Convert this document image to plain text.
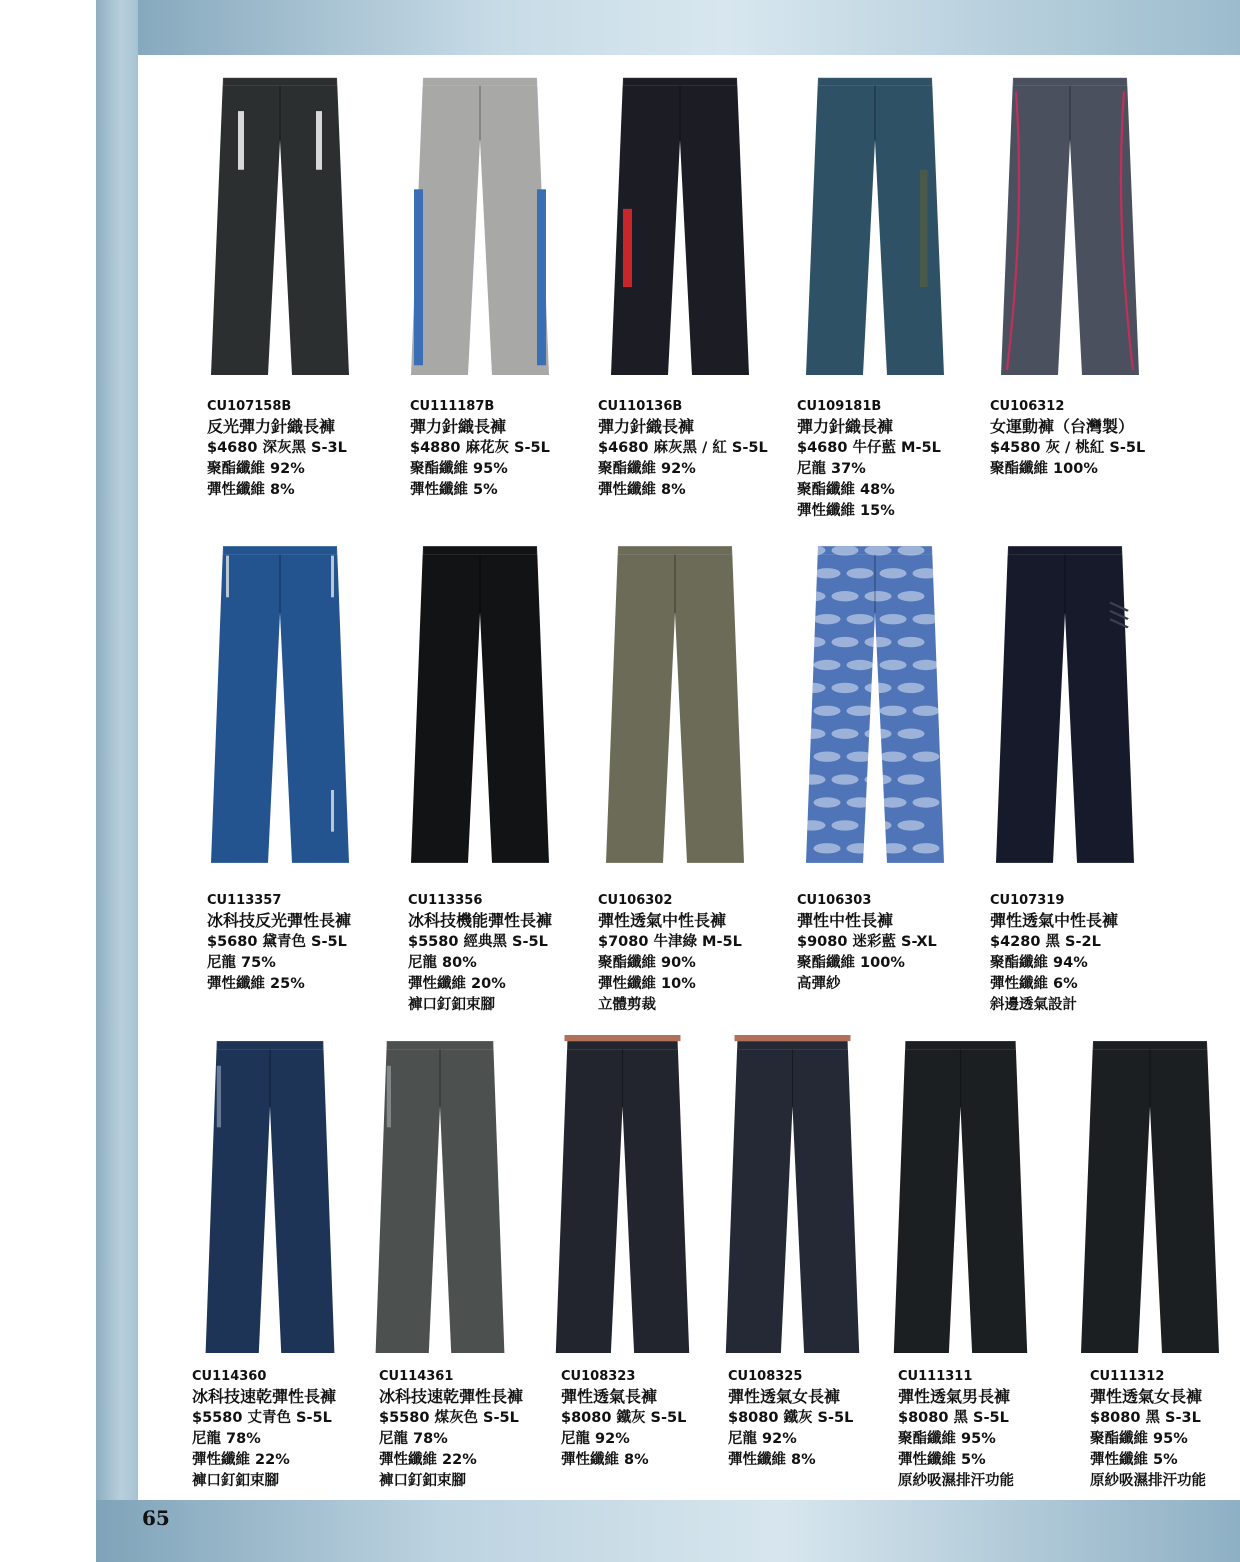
CU107158B
反光彈力針織長褲
$4680 深灰黑 S-3L
聚酯纖維 92%
彈性纖維 8%
CU111187B
彈力針織長褲
$4880 麻花灰 S-5L
聚酯纖維 95%
彈性纖維 5%
CU110136B
彈力針織長褲
$4680 麻灰黑 / 紅 S-5L
聚酯纖維 92%
彈性纖維 8%
CU109181B
彈力針織長褲
$4680 牛仔藍 M-5L
尼龍 37%
聚酯纖維 48%
彈性纖維 15%
CU106312
女運動褲（台灣製）
$4580 灰 / 桃紅 S-5L
聚酯纖維 100%
CU113357
冰科技反光彈性長褲
$5680 黛青色 S-5L
尼龍 75%
彈性纖維 25%
CU113356
冰科技機能彈性長褲
$5580 經典黑 S-5L
尼龍 80%
彈性纖維 20%
褲口釘釦束腳
CU106302
彈性透氣中性長褲
$7080 牛津綠 M-5L
聚酯纖維 90%
彈性纖維 10%
立體剪裁
CU106303
彈性中性長褲
$9080 迷彩藍 S-XL
聚酯纖維 100%
高彈紗
CU107319
彈性透氣中性長褲
$4280 黑 S-2L
聚酯纖維 94%
彈性纖維 6%
斜邊透氣設計
CU114360
冰科技速乾彈性長褲
$5580 丈青色 S-5L
尼龍 78%
彈性纖維 22%
褲口釘釦束腳
CU114361
冰科技速乾彈性長褲
$5580 煤灰色 S-5L
尼龍 78%
彈性纖維 22%
褲口釘釦束腳
CU108323
彈性透氣長褲
$8080 鐵灰 S-5L
尼龍 92%
彈性纖維 8%
CU108325
彈性透氣女長褲
$8080 鐵灰 S-5L
尼龍 92%
彈性纖維 8%
CU111311
彈性透氣男長褲
$8080 黑 S-5L
聚酯纖維 95%
彈性纖維 5%
原紗吸濕排汗功能
CU111312
彈性透氣女長褲
$8080 黑 S-3L
聚酯纖維 95%
彈性纖維 5%
原紗吸濕排汗功能
65
